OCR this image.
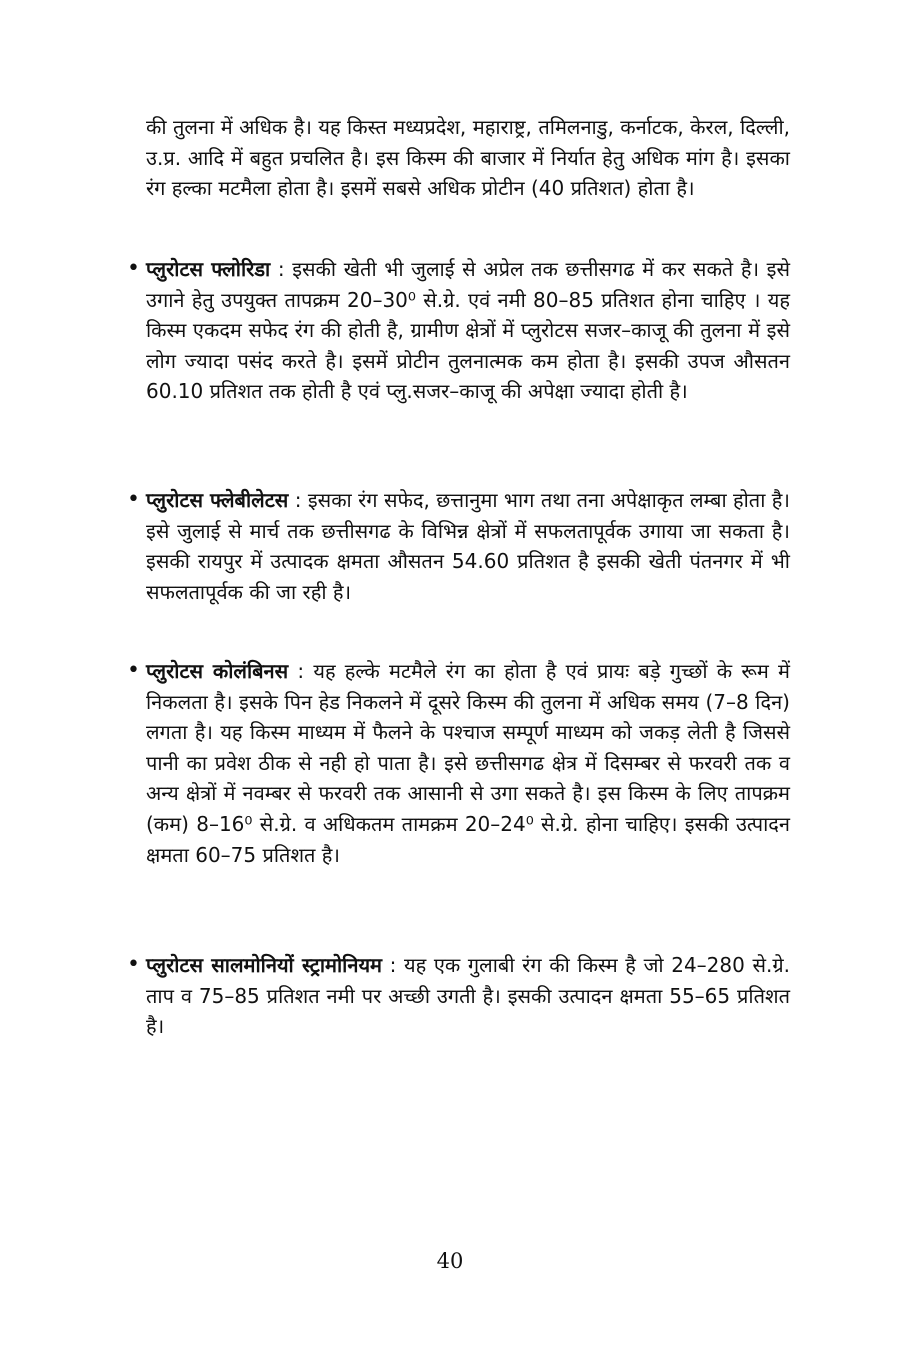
की तुलना में अधिक है। यह किस्त मध्यप्रदेश, महाराष्ट्र, तमिलनाडु, कर्नाटक, केरल, दिल्ली, उ.प्र. आदि में बहुत प्रचलित है। इस किस्म की बाजार में निर्यात हेतु अधिक मांग है। इसका रंग हल्का मटमैला होता है। इसमें सबसे अधिक प्रोटीन (40 प्रतिशत) होता है।

• प्लुरोटस फ्लोरिडा : इसकी खेती भी जुलाई से अप्रेल तक छत्तीसगढ में कर सकते है। इसे उगाने हेतु उपयुक्त तापक्रम 20–30⁰ से.ग्रे. एवं नमी 80–85 प्रतिशत होना चाहिए । यह किस्म एकदम सफेद रंग की होती है, ग्रामीण क्षेत्रों में प्लुरोटस सजर–काजू की तुलना में इसे लोग ज्यादा पसंद करते है। इसमें प्रोटीन तुलनात्मक कम होता है। इसकी उपज औसतन 60.10 प्रतिशत तक होती है एवं प्लु.सजर–काजू की अपेक्षा ज्यादा होती है।
• प्लुरोटस फ्लेबीलेटस : इसका रंग सफेद, छत्तानुमा भाग तथा तना अपेक्षाकृत लम्बा होता है। इसे जुलाई से मार्च तक छत्तीसगढ के विभिन्न क्षेत्रों में सफलतापूर्वक उगाया जा सकता है। इसकी रायपुर में उत्पादक क्षमता औसतन 54.60 प्रतिशत है इसकी खेती पंतनगर में भी सफलतापूर्वक की जा रही है।
• प्लुरोटस कोलंबिनस : यह हल्के मटमैले रंग का होता है एवं प्रायः बड़े गुच्छों के रूम में निकलता है। इसके पिन हेड निकलने में दूसरे किस्म की तुलना में अधिक समय (7–8 दिन) लगता है। यह किस्म माध्यम में फैलने के पश्चाज सम्पूर्ण माध्यम को जकड़ लेती है जिससे पानी का प्रवेश ठीक से नही हो पाता है। इसे छत्तीसगढ क्षेत्र में दिसम्बर से फरवरी तक व अन्य क्षेत्रों में नवम्बर से फरवरी तक आसानी से उगा सकते है। इस किस्म के लिए तापक्रम (कम) 8–16⁰ से.ग्रे. व अधिकतम तामक्रम 20–24⁰ से.ग्रे. होना चाहिए। इसकी उत्पादन क्षमता 60–75 प्रतिशत है।
• प्लुरोटस सालमोनियों स्ट्रामोनियम : यह एक गुलाबी रंग की किस्म है जो 24–280 से.ग्रे. ताप व 75–85 प्रतिशत नमी पर अच्छी उगती है। इसकी उत्पादन क्षमता 55–65 प्रतिशत है।
40
